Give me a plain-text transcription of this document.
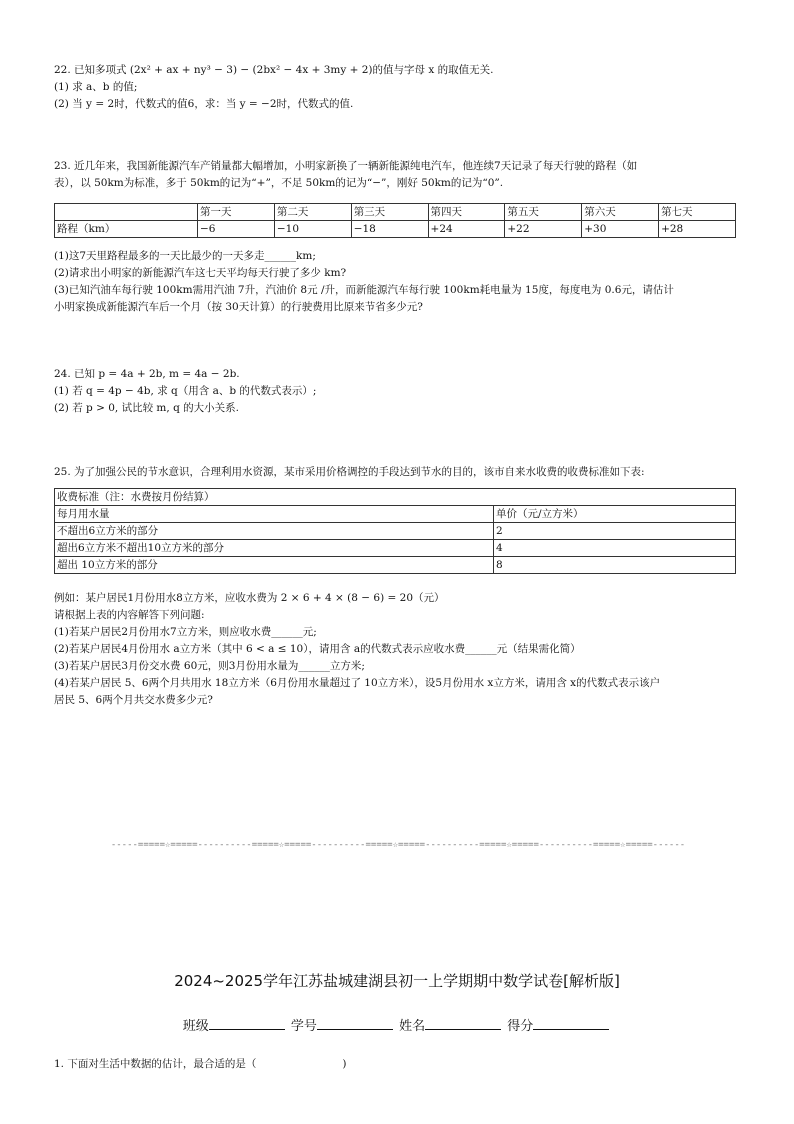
22. 已知多项式 (2x² + ax + ny³ − 3) − (2bx² − 4x + 3my + 2)的值与字母 x 的取值无关.
(1) 求 a、b 的值;
(2) 当 y = 2时，代数式的值6，求：当 y = −2时，代数式的值.
23. 近几年来，我国新能源汽车产销量都大幅增加，小明家新换了一辆新能源纯电汽车，他连续7天记录了每天行驶的路程（如
表），以 50km为标准，多于 50km的记为“+”，不足 50km的记为“−”，刚好 50km的记为“0”.
	第一天	第二天	第三天	第四天	第五天	第六天	第七天
路程（km）	−6	−10	−18	+24	+22	+30	+28
(1)这7天里路程最多的一天比最少的一天多走______km;
(2)请求出小明家的新能源汽车这七天平均每天行驶了多少 km?
(3)已知汽油车每行驶 100km需用汽油 7升，汽油价 8元 /升，而新能源汽车每行驶 100km耗电量为 15度，每度电为 0.6元，请估计
小明家换成新能源汽车后一个月（按 30天计算）的行驶费用比原来节省多少元?
24. 已知 p = 4a + 2b, m = 4a − 2b.
(1) 若 q = 4p − 4b, 求 q（用含 a、b 的代数式表示）;
(2) 若 p > 0, 试比较 m, q 的大小关系.
25. 为了加强公民的节水意识，合理利用水资源，某市采用价格调控的手段达到节水的目的，该市自来水收费的收费标准如下表:
收费标准（注：水费按月份结算）	
每月用水量	单价（元/立方米）
不超出6立方米的部分	2
超出6立方米不超出10立方米的部分	4
超出 10立方米的部分	8
例如：某户居民1月份用水8立方米，应收水费为 2 × 6 + 4 × (8 − 6) = 20（元）
请根据上表的内容解答下列问题:
(1)若某户居民2月份用水7立方米，则应收水费______元;
(2)若某户居民4月份用水 a立方米（其中 6 < a ≤ 10），请用含 a的代数式表示应收水费______元（结果需化简）
(3)若某户居民3月份交水费 60元，则3月份用水量为______立方米;
(4)若某户居民 5、6两个月共用水 18立方米（6月份用水量超过了 10立方米），设5月份用水 x立方米，请用含 x的代数式表示该户
居民 5、6两个月共交水费多少元?
-----=====☆=====----------=====☆=====----------=====☆=====----------=====☆=====----------=====☆=====------
2024~2025学年江苏盐城建湖县初一上学期期中数学试卷[解析版]
班级	学号	姓名	得分
1. 下面对生活中数据的估计，最合适的是（	)
